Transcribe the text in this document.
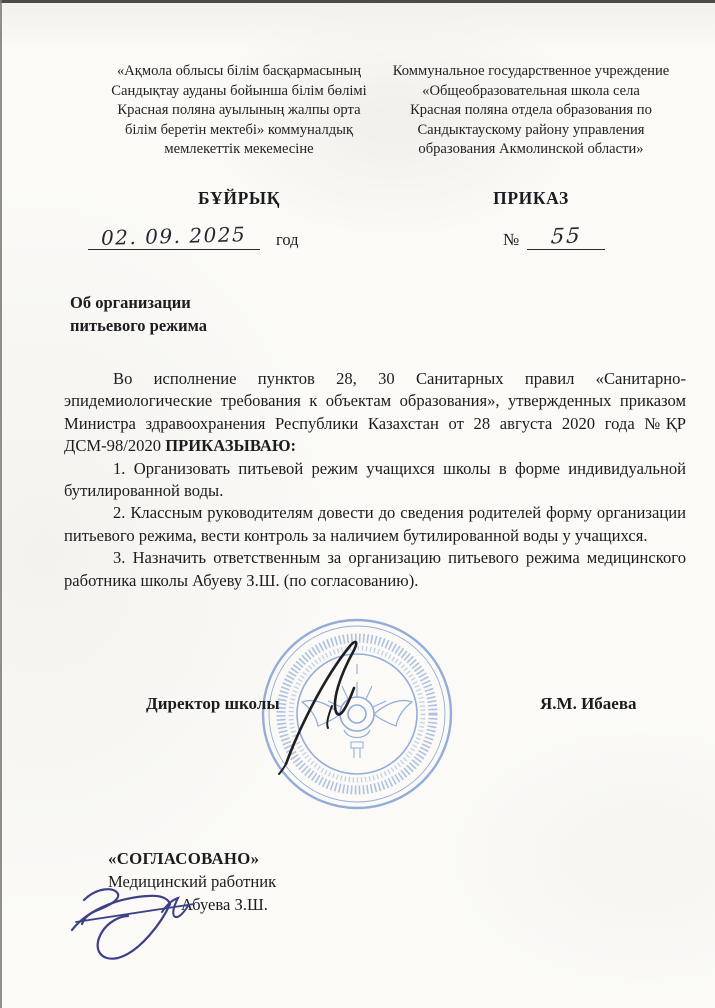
«Ақмола облысы білім басқармасының
Сандықтау ауданы бойынша білім бөлімі
Красная поляна ауылының жалпы орта
білім беретін мектебі» коммуналдық
мемлекеттік мекемесіне
Коммунальное государственное учреждение
«Общеобразовательная школа села
Красная поляна отдела образования по
Сандыктаускому району управления
образования Акмолинской области»
БҰЙРЫҚ	ПРИКАЗ
02. 09. 2025 год	№ 55
Об организации
питьевого режима

Во исполнение пунктов 28, 30 Санитарных правил «Санитарно-эпидемиологические требования к объектам образования», утвержденных приказом Министра здравоохранения Республики Казахстан от 28 августа 2020 года №ҚР ДСМ-98/2020 ПРИКАЗЫВАЮ:

1. Организовать питьевой режим учащихся школы в форме индивидуальной бутилированной воды.

2. Классным руководителям довести до сведения родителей форму организации питьевого режима, вести контроль за наличием бутилированной воды у учащихся.

3. Назначить ответственным за организацию питьевого режима медицинского работника школы Абуеву З.Ш. (по согласованию).

Директор школы	Я.М. Ибаева
«СОГЛАСОВАНО»
Медицинский работник
Абуева З.Ш.
